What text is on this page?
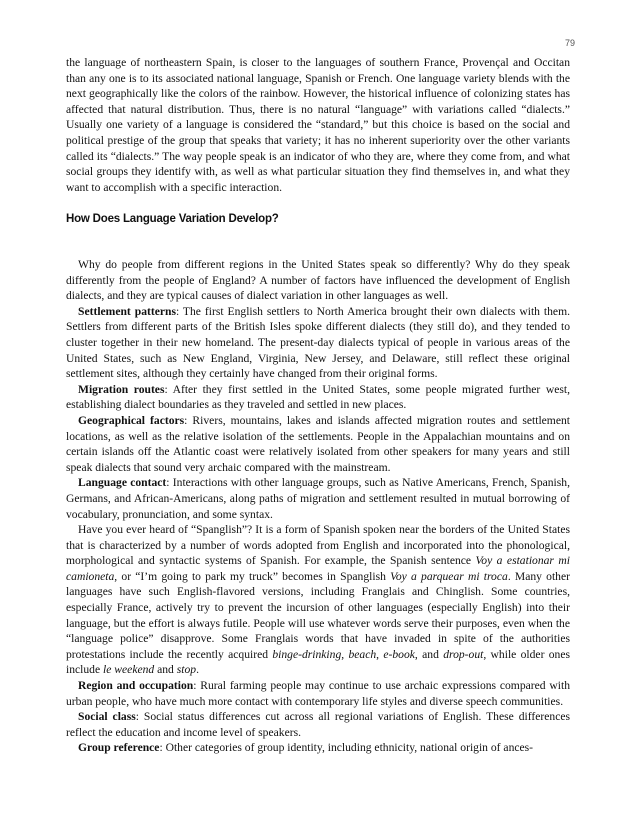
79

the language of northeastern Spain, is closer to the languages of southern France, Provençal and Occitan than any one is to its associated national language, Spanish or French. One language variety blends with the next geographically like the colors of the rainbow. However, the historical influence of colonizing states has affected that natural distribution. Thus, there is no natural “language” with variations called “dialects.” Usually one variety of a language is considered the “standard,” but this choice is based on the social and political prestige of the group that speaks that variety; it has no inherent superiority over the other variants called its “dialects.” The way people speak is an indicator of who they are, where they come from, and what social groups they identify with, as well as what particular situation they find themselves in, and what they want to accomplish with a specific interaction.

How Does Language Variation Develop?

Why do people from different regions in the United States speak so differently? Why do they speak differently from the people of England? A number of factors have influenced the development of English dialects, and they are typical causes of dialect variation in other languages as well.

Settlement patterns: The first English settlers to North America brought their own dialects with them. Settlers from different parts of the British Isles spoke different dialects (they still do), and they tended to cluster together in their new homeland. The present-day dialects typical of people in various areas of the United States, such as New England, Virginia, New Jersey, and Delaware, still reflect these original settlement sites, although they certainly have changed from their original forms.

Migration routes: After they first settled in the United States, some people migrated further west, establishing dialect boundaries as they traveled and settled in new places.

Geographical factors: Rivers, mountains, lakes and islands affected migration routes and settlement locations, as well as the relative isolation of the settlements. People in the Appalachian mountains and on certain islands off the Atlantic coast were relatively isolated from other speakers for many years and still speak dialects that sound very archaic compared with the mainstream.

Language contact: Interactions with other language groups, such as Native Americans, French, Spanish, Germans, and African-Americans, along paths of migration and settlement resulted in mutual borrowing of vocabulary, pronunciation, and some syntax.

Have you ever heard of “Spanglish”? It is a form of Spanish spoken near the borders of the United States that is characterized by a number of words adopted from English and incorporated into the phonological, morphological and syntactic systems of Spanish. For example, the Spanish sentence Voy a estationar mi camioneta, or “I’m going to park my truck” becomes in Spanglish Voy a parquear mi troca. Many other languages have such English-flavored versions, including Franglais and Chinglish. Some countries, especially France, actively try to prevent the incursion of other languages (especially English) into their language, but the effort is always futile. People will use whatever words serve their purposes, even when the “language police” disapprove. Some Franglais words that have invaded in spite of the authorities protestations include the recently acquired binge-drinking, beach, e-book, and drop-out, while older ones include le weekend and stop.

Region and occupation: Rural farming people may continue to use archaic expressions compared with urban people, who have much more contact with contemporary life styles and diverse speech communities.

Social class: Social status differences cut across all regional variations of English. These differences reflect the education and income level of speakers.

Group reference: Other categories of group identity, including ethnicity, national origin of ances-
